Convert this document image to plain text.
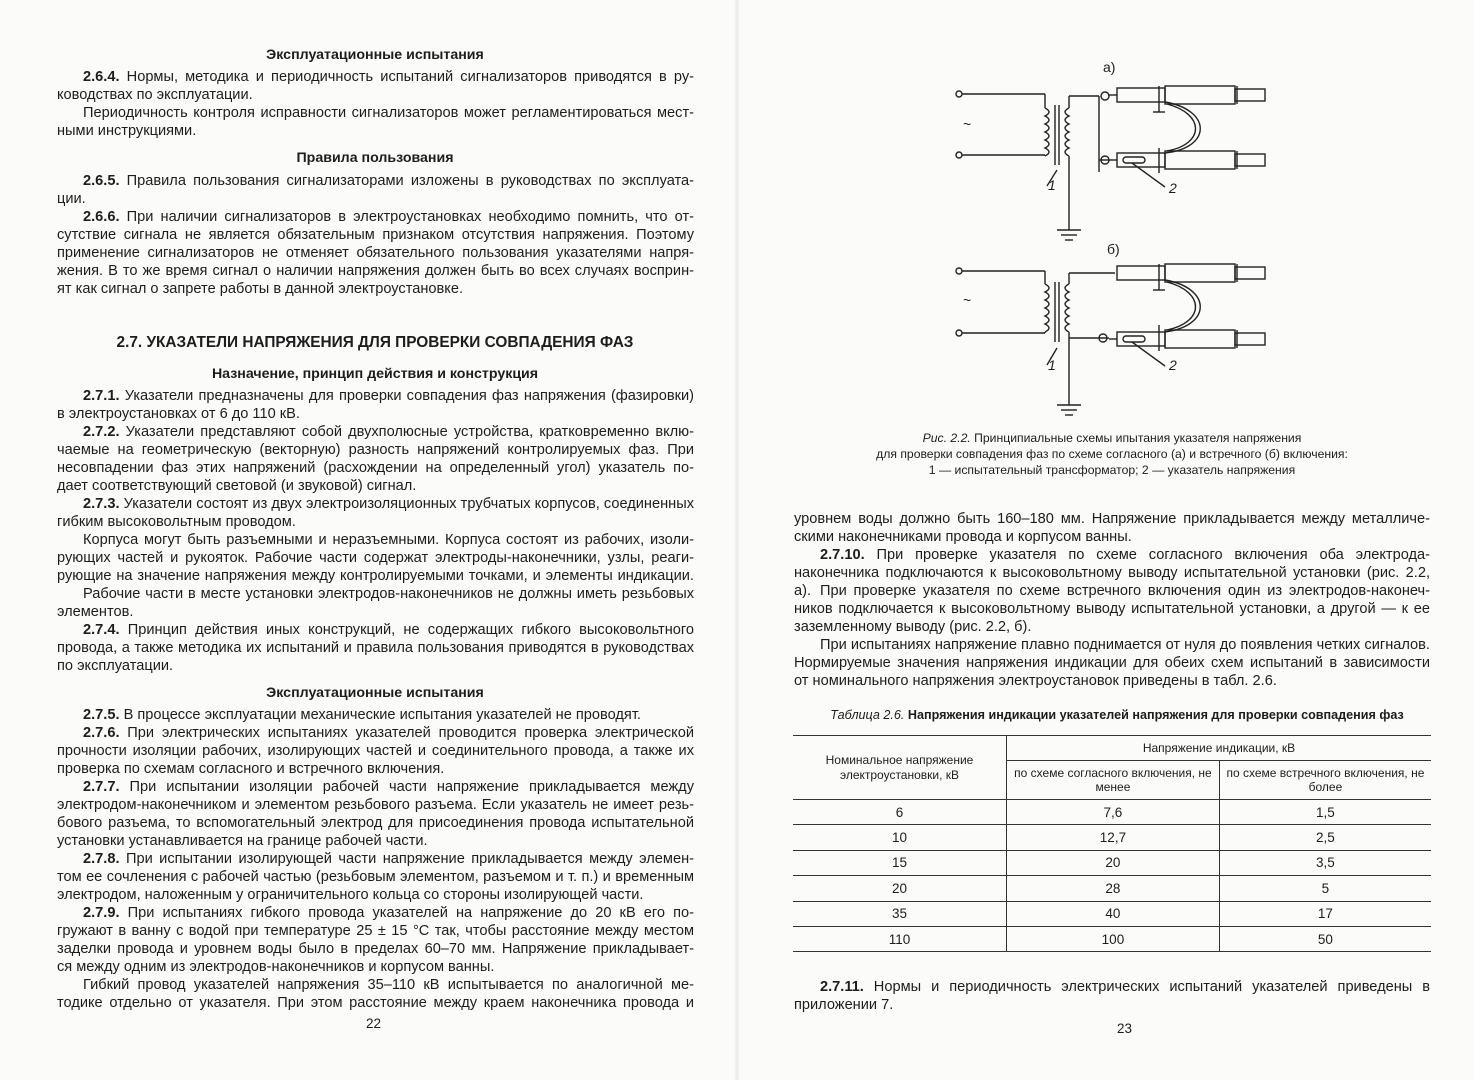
Эксплуатационные испытания

2.6.4. Нормы, методика и периодичность испытаний сигнализаторов приводятся в ру-

ководствах по эксплуатации.

Периодичность контроля исправности сигнализаторов может регламентироваться мест-

ными инструкциями.

Правила пользования

2.6.5. Правила пользования сигнализаторами изложены в руководствах по эксплуата-

ции.

2.6.6. При наличии сигнализаторов в электроустановках необходимо помнить, что от-

сутствие сигнала не является обязательным признаком отсутствия напряжения. Поэтому

применение сигнализаторов не отменяет обязательного пользования указателями напря-

жения. В то же время сигнал о наличии напряжения должен быть во всех случаях восприн-

ят как сигнал о запрете работы в данной электроустановке.

2.7. УКАЗАТЕЛИ НАПРЯЖЕНИЯ ДЛЯ ПРОВЕРКИ СОВПАДЕНИЯ ФАЗ
Назначение, принцип действия и конструкция

2.7.1. Указатели предназначены для проверки совпадения фаз напряжения (фазировки)

в электроустановках от 6 до 110 кВ.

2.7.2. Указатели представляют собой двухполюсные устройства, кратковременно вклю-

чаемые на геометрическую (векторную) разность напряжений контролируемых фаз. При

несовпадении фаз этих напряжений (расхождении на определенный угол) указатель по-

дает соответствующий световой (и звуковой) сигнал.

2.7.3. Указатели состоят из двух электроизоляционных трубчатых корпусов, соединенных

гибким высоковольтным проводом.

Корпуса могут быть разъемными и неразъемными. Корпуса состоят из рабочих, изоли-

рующих частей и рукояток. Рабочие части содержат электроды-наконечники, узлы, реаги-

рующие на значение напряжения между контролируемыми точками, и элементы индикации.

Рабочие части в месте установки электродов-наконечников не должны иметь резьбовых

элементов.

2.7.4. Принцип действия иных конструкций, не содержащих гибкого высоковольтного

провода, а также методика их испытаний и правила пользования приводятся в руководствах

по эксплуатации.

Эксплуатационные испытания

2.7.5. В процессе эксплуатации механические испытания указателей не проводят.

2.7.6. При электрических испытаниях указателей проводится проверка электрической

прочности изоляции рабочих, изолирующих частей и соединительного провода, а также их

проверка по схемам согласного и встречного включения.

2.7.7. При испытании изоляции рабочей части напряжение прикладывается между

электродом-наконечником и элементом резьбового разъема. Если указатель не имеет резь-

бового разъема, то вспомогательный электрод для присоединения провода испытательной

установки устанавливается на границе рабочей части.

2.7.8. При испытании изолирующей части напряжение прикладывается между элемен-

том ее сочленения с рабочей частью (резьбовым элементом, разъемом и т. п.) и временным

электродом, наложенным у ограничительного кольца со стороны изолирующей части.

2.7.9. При испытаниях гибкого провода указателей на напряжение до 20 кВ его по-

гружают в ванну с водой при температуре 25 ± 15 °С так, чтобы расстояние между местом

заделки провода и уровнем воды было в пределах 60–70 мм. Напряжение прикладывает-

ся между одним из электродов-наконечников и корпусом ванны.

Гибкий провод указателей напряжения 35–110 кВ испытывается по аналогичной ме-

тодике отдельно от указателя. При этом расстояние между краем наконечника провода и

22
а)
б)
~
~
1	2
1	2
Рис. 2.2. Принципиальные схемы ипытания указателя напряжения
для проверки совпадения фаз по схеме согласного (а) и встречного (б) включения:
1 — испытательный трансформатор; 2 — указатель напряжения

уровнем воды должно быть 160–180 мм. Напряжение прикладывается между металличе-

скими наконечниками провода и корпусом ванны.

2.7.10. При проверке указателя по схеме согласного включения оба электрода-

наконечника подключаются к высоковольтному выводу испытательной установки (рис. 2.2, а). При проверке указателя по схеме встречного включения один из электродов-наконеч-

ников подключается к высоковольтному выводу испытательной установки, а другой — к ее

заземленному выводу (рис. 2.2, б).

При испытаниях напряжение плавно поднимается от нуля до появления четких сигналов.

Нормируемые значения напряжения индикации для обеих схем испытаний в зависимости

от номинального напряжения электроустановок приведены в табл. 2.6.

Таблица 2.6. Напряжения индикации указателей напряжения для проверки совпадения фаз
Номинальное напряжение электроустановки, кВ	Напряжение индикации, кВ	
	по схеме согласного включения, не менее	по схеме встречного включения, не более
6	7,6	1,5
10	12,7	2,5
15	20	3,5
20	28	5
35	40	17
110	100	50

2.7.11. Нормы и периодичность электрических испытаний указателей приведены в

приложении 7.

23
